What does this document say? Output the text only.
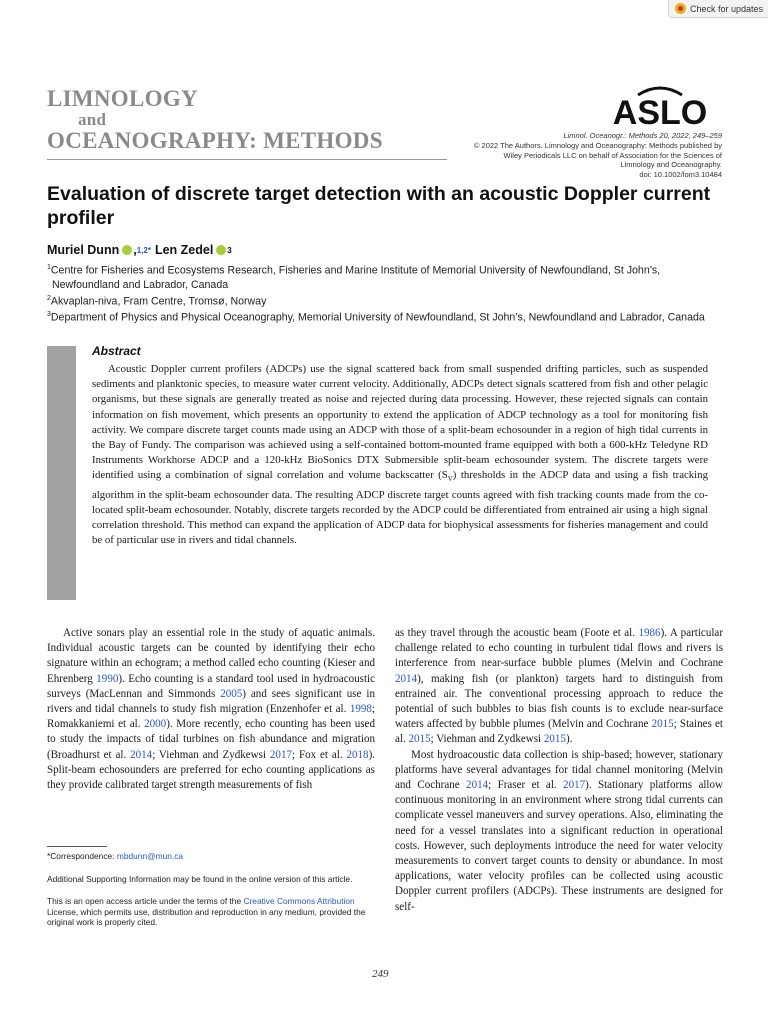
Check for updates
LIMNOLOGY
and
OCEANOGRAPHY: METHODS
ASLO
Limnol. Oceanogr.: Methods 20, 2022, 249–259
© 2022 The Authors. Limnology and Oceanography: Methods published by
Wiley Periodicals LLC on behalf of Association for the Sciences of
Limnology and Oceanography.
doi: 10.1002/lom3.10484
Evaluation of discrete target detection with an acoustic Doppler current profiler
Muriel Dunn , 1,2 * Len Zedel 3
$^1$Centre for Fisheries and Ecosystems Research, Fisheries and Marine Institute of Memorial University of Newfoundland, St John’s, Newfoundland and Labrador, Canada
$^2$Akvaplan-niva, Fram Centre, Tromsø, Norway
$^3$Department of Physics and Physical Oceanography, Memorial University of Newfoundland, St John’s, Newfoundland and Labrador, Canada
Abstract

Acoustic Doppler current profilers (ADCPs) use the signal scattered back from small suspended drifting particles, such as suspended sediments and planktonic species, to measure water current velocity. Additionally, ADCPs detect signals scattered from fish and other pelagic organisms, but these signals are generally treated as noise and rejected during data processing. However, these rejected signals can contain information on fish movement, which presents an opportunity to extend the application of ADCP technology as a tool for monitoring fish activity. We compare discrete target counts made using an ADCP with those of a split-beam echosounder in a region of high tidal currents in the Bay of Fundy. The comparison was achieved using a self-contained bottom-mounted frame equipped with both a 600-kHz Teledyne RD Instruments Workhorse ADCP and a 120-kHz BioSonics DTX Submersible split-beam echosounder system. The discrete targets were identified using a combination of signal correlation and volume backscatter $(S_V)$ thresholds in the ADCP data and using a fish tracking algorithm in the split-beam echosounder data. The resulting ADCP discrete target counts agreed with fish tracking counts made from the co-located split-beam echosounder. Notably, discrete targets recorded by the ADCP could be differentiated from entrained air using a high signal correlation threshold. This method can expand the application of ADCP data for biophysical assessments for fisheries management and could be of particular use in rivers and tidal channels.

Active sonars play an essential role in the study of aquatic animals. Individual acoustic targets can be counted by identifying their echo signature within an echogram; a method called echo counting (Kieser and Ehrenberg 1990). Echo counting is a standard tool used in hydroacoustic surveys (MacLennan and Simmonds 2005) and sees significant use in rivers and tidal channels to study fish migration (Enzenhofer et al. 1998; Romakkaniemi et al. 2000). More recently, echo counting has been used to study the impacts of tidal turbines on fish abundance and migration (Broadhurst et al. 2014; Viehman and Zydkewsi 2017; Fox et al. 2018). Split-beam echosounders are preferred for echo counting applications as they provide calibrated target strength measurements of fish

as they travel through the acoustic beam (Foote et al. 1986). A particular challenge related to echo counting in turbulent tidal flows and rivers is interference from near-surface bubble plumes (Melvin and Cochrane 2014), making fish (or plankton) targets hard to distinguish from entrained air. The conventional processing approach to reduce the potential of such bubbles to bias fish counts is to exclude near-surface waters affected by bubble plumes (Melvin and Cochrane 2015; Staines et al. 2015; Viehman and Zydkewsi 2015).

Most hydroacoustic data collection is ship-based; however, stationary platforms have several advantages for tidal channel monitoring (Melvin and Cochrane 2014; Fraser et al. 2017). Stationary platforms allow continuous monitoring in an environment where strong tidal currents can complicate vessel maneuvers and survey operations. Also, eliminating the need for a vessel translates into a significant reduction in operational costs. However, such deployments introduce the need for water velocity measurements to convert target counts to density or abundance. In most applications, water velocity profiles can be collected using acoustic Doppler current profilers (ADCPs). These instruments are designed for self-

*Correspondence: mbdunn@mun.ca

Additional Supporting Information may be found in the online version of this article.

This is an open access article under the terms of the Creative Commons Attribution License, which permits use, distribution and reproduction in any medium, provided the original work is properly cited.

249
